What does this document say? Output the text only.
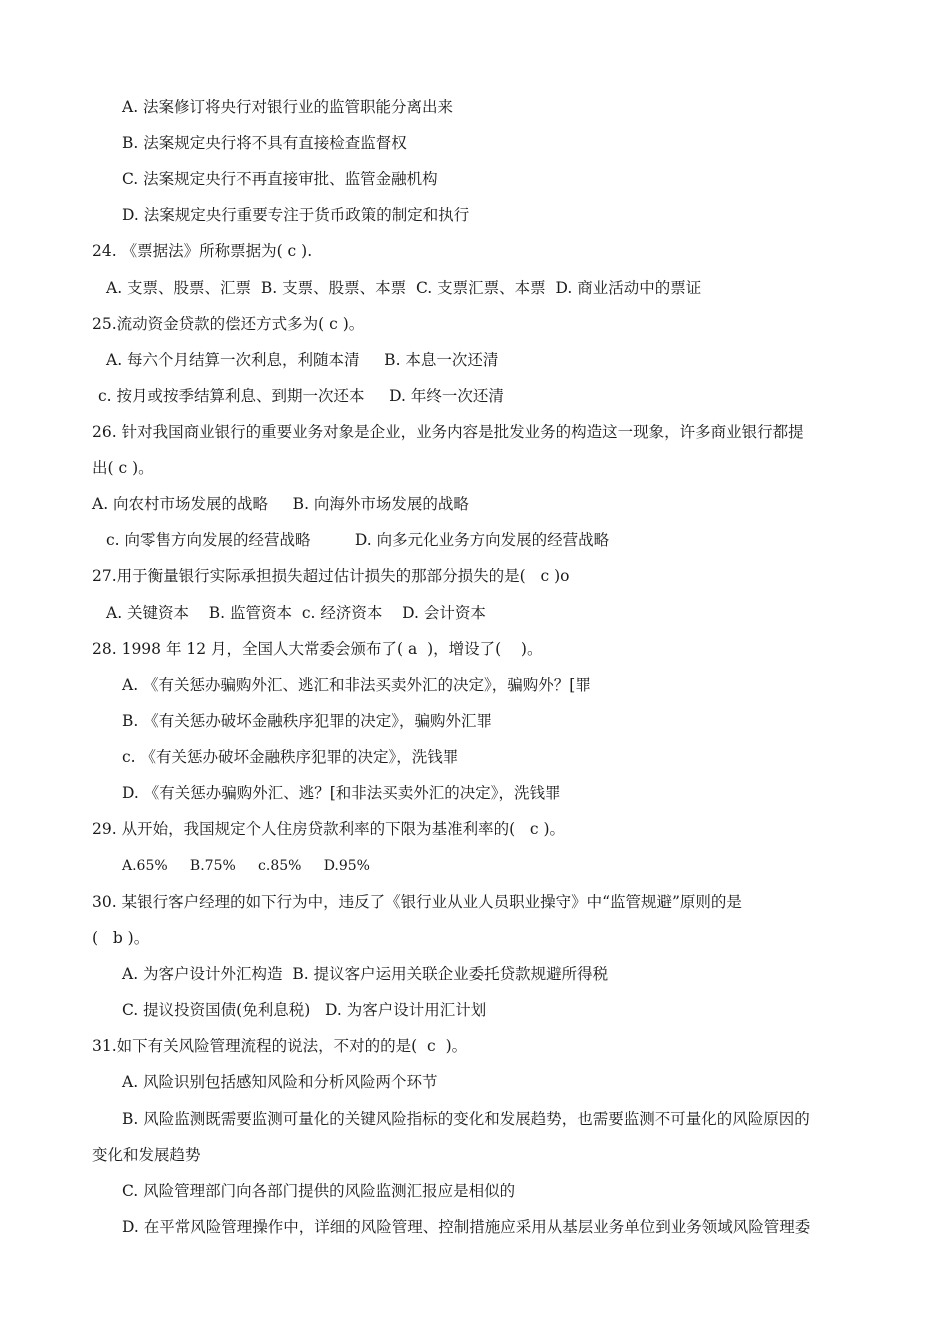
A. 法案修订将央行对银行业的监管职能分离出来
B. 法案规定央行将不具有直接检查监督权
C. 法案规定央行不再直接审批、监管金融机构
D. 法案规定央行重要专注于货币政策的制定和执行
24. 《票据法》所称票据为( c ).
A. 支票、股票、汇票  B. 支票、股票、本票  C. 支票汇票、本票  D. 商业活动中的票证
25.流动资金贷款的偿还方式多为( c )。
A. 每六个月结算一次利息，利随本清     B. 本息一次还清
c. 按月或按季结算利息、到期一次还本     D. 年终一次还清
26. 针对我国商业银行的重要业务对象是企业，业务内容是批发业务的构造这一现象，许多商业银行都提
出( c )。
A. 向农村市场发展的战略     B. 向海外市场发展的战略
c. 向零售方向发展的经营战略         D. 向多元化业务方向发展的经营战略
27.用于衡量银行实际承担损失超过估计损失的那部分损失的是(   c )o
A. 关键资本    B. 监管资本  c. 经济资本    D. 会计资本
28. 1998 年 12 月，全国人大常委会颁布了( a  )，增设了(    )。
A. 《有关惩办骗购外汇、逃汇和非法买卖外汇的决定》，骗购外？[罪
B. 《有关惩办破坏金融秩序犯罪的决定》，骗购外汇罪
c. 《有关惩办破坏金融秩序犯罪的决定》，洗钱罪
D. 《有关惩办骗购外汇、逃？[和非法买卖外汇的决定》，洗钱罪
29. 从开始，我国规定个人住房贷款利率的下限为基准利率的(   c )。
A.65%     B.75%     c.85%     D.95%
30. 某银行客户经理的如下行为中，违反了《银行业从业人员职业操守》中“监管规避”原则的是
(   b )。
A. 为客户设计外汇构造  B. 提议客户运用关联企业委托贷款规避所得税
C. 提议投资国债(免利息税)   D. 为客户设计用汇计划
31.如下有关风险管理流程的说法，不对的的是(  c  )。
A. 风险识别包括感知风险和分析风险两个环节
B. 风险监测既需要监测可量化的关键风险指标的变化和发展趋势，也需要监测不可量化的风险原因的
变化和发展趋势
C. 风险管理部门向各部门提供的风险监测汇报应是相似的
D. 在平常风险管理操作中，详细的风险管理、控制措施应采用从基层业务单位到业务领域风险管理委
